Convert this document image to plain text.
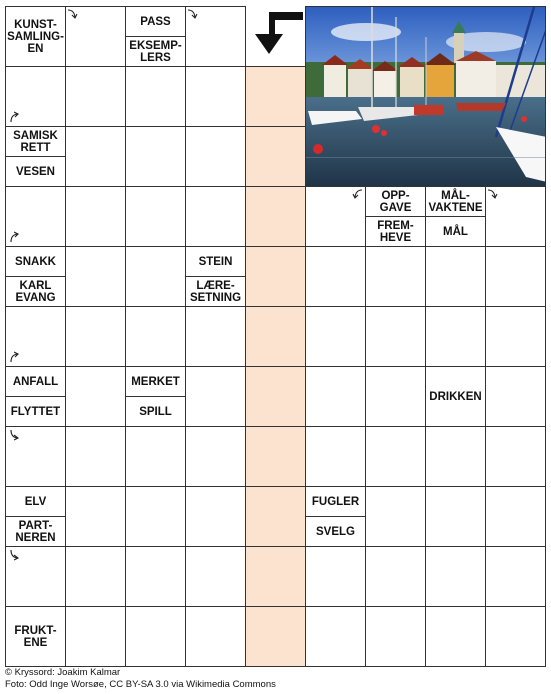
KUNST-
SAMLING-
EN
PASS
EKSEMP-
LERS
SAMISK
RETT
VESEN
OPP-
GAVE
FREM-
HEVE
MÅL-
VAKTENE
MÅL
SNAKK
KARL
EVANG
STEIN
LÆRE-
SETNING
ANFALL
FLYTTET
MERKET
SPILL
DRIKKEN
ELV
PART-
NEREN
FUGLER
SVELG
FRUKT-
ENE
© Kryssord: Joakim Kalmar
Foto: Odd Inge Worsøe, CC BY-SA 3.0 via Wikimedia Commons
